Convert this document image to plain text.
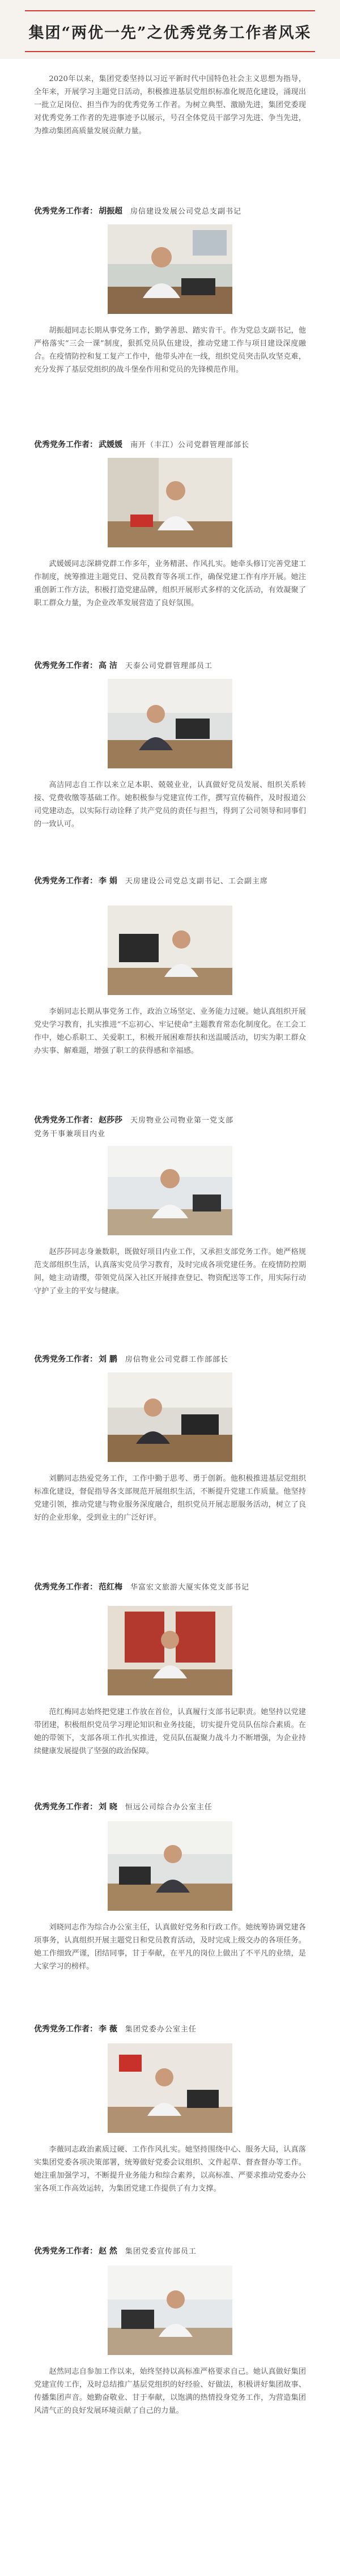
集团“两优一先”之优秀党务工作者风采
2020年以来，集团党委坚持以习近平新时代中国特色社会主义思想为指导，全年来，开展学习主题党日活动，积极推进基层党组织标准化规范化建设，涌现出一批立足岗位、担当作为的优秀党务工作者。为树立典型、激励先进，集团党委现对优秀党务工作者的先进事迹予以展示，号召全体党员干部学习先进、争当先进，为推动集团高质量发展贡献力量。
优秀党务工作者： 胡振超 房信建设发展公司党总支副书记
胡振超同志长期从事党务工作，勤学善思、踏实肯干。作为党总支副书记，他严格落实“三会一课”制度，狠抓党员队伍建设，推动党建工作与项目建设深度融合。在疫情防控和复工复产工作中，他带头冲在一线，组织党员突击队攻坚克难，充分发挥了基层党组织的战斗堡垒作用和党员的先锋模范作用。
优秀党务工作者： 武媛媛 南开（丰江）公司党群管理部部长
武媛媛同志深耕党群工作多年，业务精湛、作风扎实。她牵头修订完善党建工作制度，统筹推进主题党日、党员教育等各项工作，确保党建工作有序开展。她注重创新工作方法，积极打造党建品牌，组织开展形式多样的文化活动，有效凝聚了职工群众力量，为企业改革发展营造了良好氛围。
优秀党务工作者： 高 洁 天泰公司党群管理部员工
高洁同志自工作以来立足本职、兢兢业业，认真做好党员发展、组织关系转接、党费收缴等基础工作。她积极参与党建宣传工作，撰写宣传稿件，及时报道公司党建动态，以实际行动诠释了共产党员的责任与担当，得到了公司领导和同事们的一致认可。
优秀党务工作者： 李 娟 天房建设公司党总支副书记、工会副主席
李娟同志长期从事党务工作，政治立场坚定、业务能力过硬。她认真组织开展党史学习教育，扎实推进“不忘初心、牢记使命”主题教育常态化制度化。在工会工作中，她心系职工、关爱职工，积极开展困难帮扶和送温暖活动，切实为职工群众办实事、解难题，增强了职工的获得感和幸福感。
优秀党务工作者： 赵莎莎 天房物业公司物业第一党支部
党务干事兼项目内业
赵莎莎同志身兼数职，既做好项目内业工作，又承担支部党务工作。她严格规范支部组织生活，认真落实党员学习教育，及时完成各项党建任务。在疫情防控期间，她主动请缨，带领党员深入社区开展排查登记、物资配送等工作，用实际行动守护了业主的平安与健康。
优秀党务工作者： 刘 鹏 房信物业公司党群工作部部长
刘鹏同志热爱党务工作，工作中勤于思考、勇于创新。他积极推进基层党组织标准化建设，督促指导各支部规范开展组织生活，不断提升党建工作质量。他坚持党建引领，推动党建与物业服务深度融合，组织党员开展志愿服务活动，树立了良好的企业形象，受到业主的广泛好评。
优秀党务工作者： 范红梅 华富宏文旅游大厦实体党支部书记
范红梅同志始终把党建工作放在首位，认真履行支部书记职责。她坚持以党建带团建，积极组织党员学习理论知识和业务技能，切实提升党员队伍综合素质。在她的带领下，支部各项工作扎实推进，党员队伍凝聚力战斗力不断增强，为企业持续健康发展提供了坚强的政治保障。
优秀党务工作者： 刘 晓 恒远公司综合办公室主任
刘晓同志作为综合办公室主任，认真做好党务和行政工作。她统筹协调党建各项事务，认真组织开展主题党日和党员教育活动，及时完成上级交办的各项任务。她工作细致严谨，团结同事，甘于奉献，在平凡的岗位上做出了不平凡的业绩，是大家学习的榜样。
优秀党务工作者： 李 薇 集团党委办公室主任
李薇同志政治素质过硬、工作作风扎实。她坚持围绕中心、服务大局，认真落实集团党委各项决策部署，统筹做好党委会议组织、文件起草、督查督办等工作。她注重加强学习，不断提升业务能力和综合素养，以高标准、严要求推动党委办公室各项工作高效运转，为集团党建工作提供了有力支撑。
优秀党务工作者： 赵 然 集团党委宣传部员工
赵然同志自参加工作以来，始终坚持以高标准严格要求自己。她认真做好集团党建宣传工作，及时总结推广基层党组织的好经验、好做法，积极讲好集团故事、传播集团声音。她勤奋敬业、甘于奉献，以饱满的热情投身党务工作，为营造集团风清气正的良好发展环境贡献了自己的力量。
